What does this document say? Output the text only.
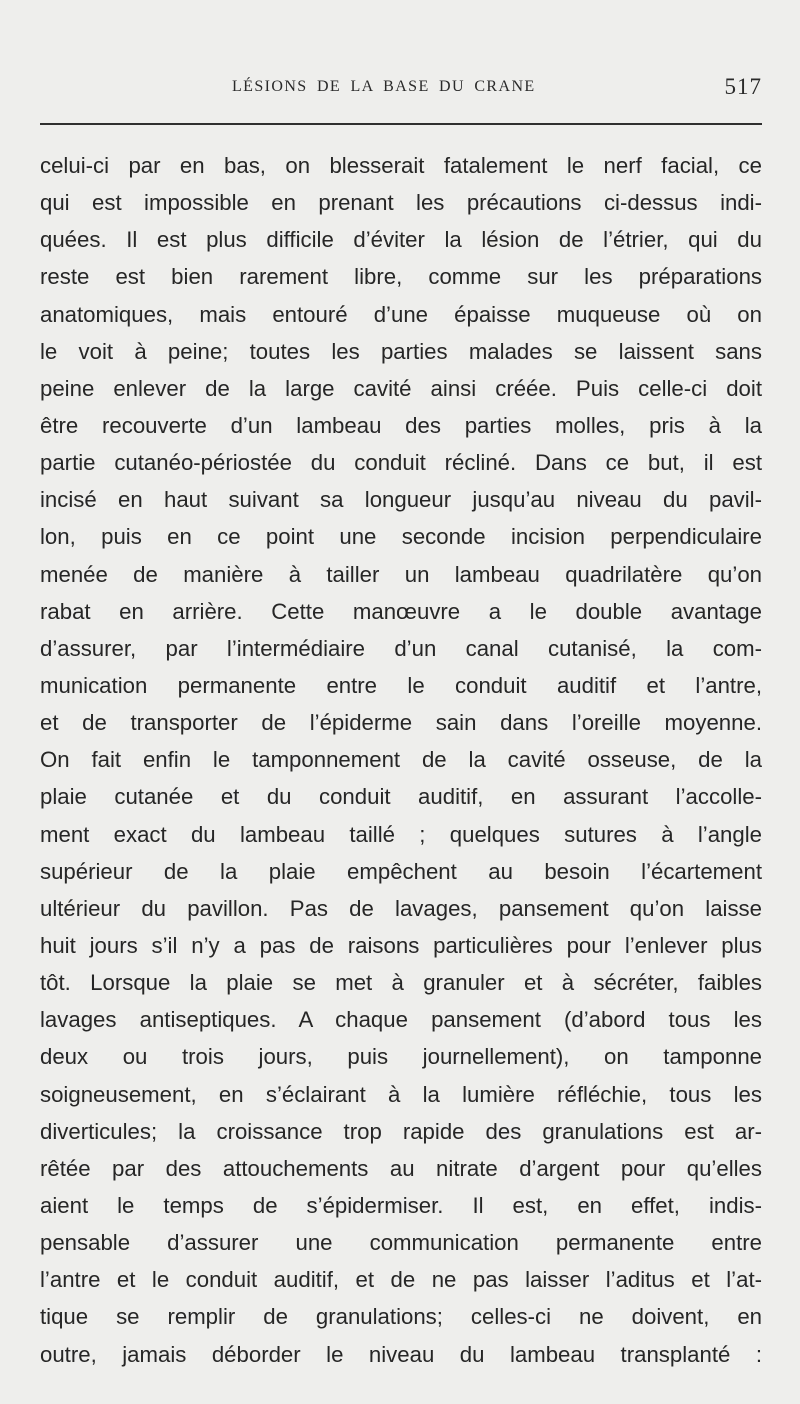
LÉSIONS DE LA BASE DU CRANE	517
celui-ci par en bas, on blesserait fatalement le nerf facial, ce
qui est impossible en prenant les précautions ci-dessus indi-
quées. Il est plus difficile d’éviter la lésion de l’étrier, qui du
reste est bien rarement libre, comme sur les préparations
anatomiques, mais entouré d’une épaisse muqueuse où on
le voit à peine; toutes les parties malades se laissent sans
peine enlever de la large cavité ainsi créée. Puis celle-ci doit
être recouverte d’un lambeau des parties molles, pris à la
partie cutanéo-périostée du conduit récliné. Dans ce but, il est
incisé en haut suivant sa longueur jusqu’au niveau du pavil-
lon, puis en ce point une seconde incision perpendiculaire
menée de manière à tailler un lambeau quadrilatère qu’on
rabat en arrière. Cette manœuvre a le double avantage
d’assurer, par l’intermédiaire d’un canal cutanisé, la com-
munication permanente entre le conduit auditif et l’antre,
et de transporter de l’épiderme sain dans l’oreille moyenne.
On fait enfin le tamponnement de la cavité osseuse, de la
plaie cutanée et du conduit auditif, en assurant l’accolle-
ment exact du lambeau taillé ; quelques sutures à l’angle
supérieur de la plaie empêchent au besoin l’écartement
ultérieur du pavillon. Pas de lavages, pansement qu’on laisse
huit jours s’il n’y a pas de raisons particulières pour l’enlever plus
tôt. Lorsque la plaie se met à granuler et à sécréter, faibles
lavages antiseptiques. A chaque pansement (d’abord tous les
deux ou trois jours, puis journellement), on tamponne
soigneusement, en s’éclairant à la lumière réfléchie, tous les
diverticules; la croissance trop rapide des granulations est ar-
rêtée par des attouchements au nitrate d’argent pour qu’elles
aient le temps de s’épidermiser. Il est, en effet, indis-
pensable d’assurer une communication permanente entre
l’antre et le conduit auditif, et de ne pas laisser l’aditus et l’at-
tique se remplir de granulations; celles-ci ne doivent, en
outre, jamais déborder le niveau du lambeau transplanté :
